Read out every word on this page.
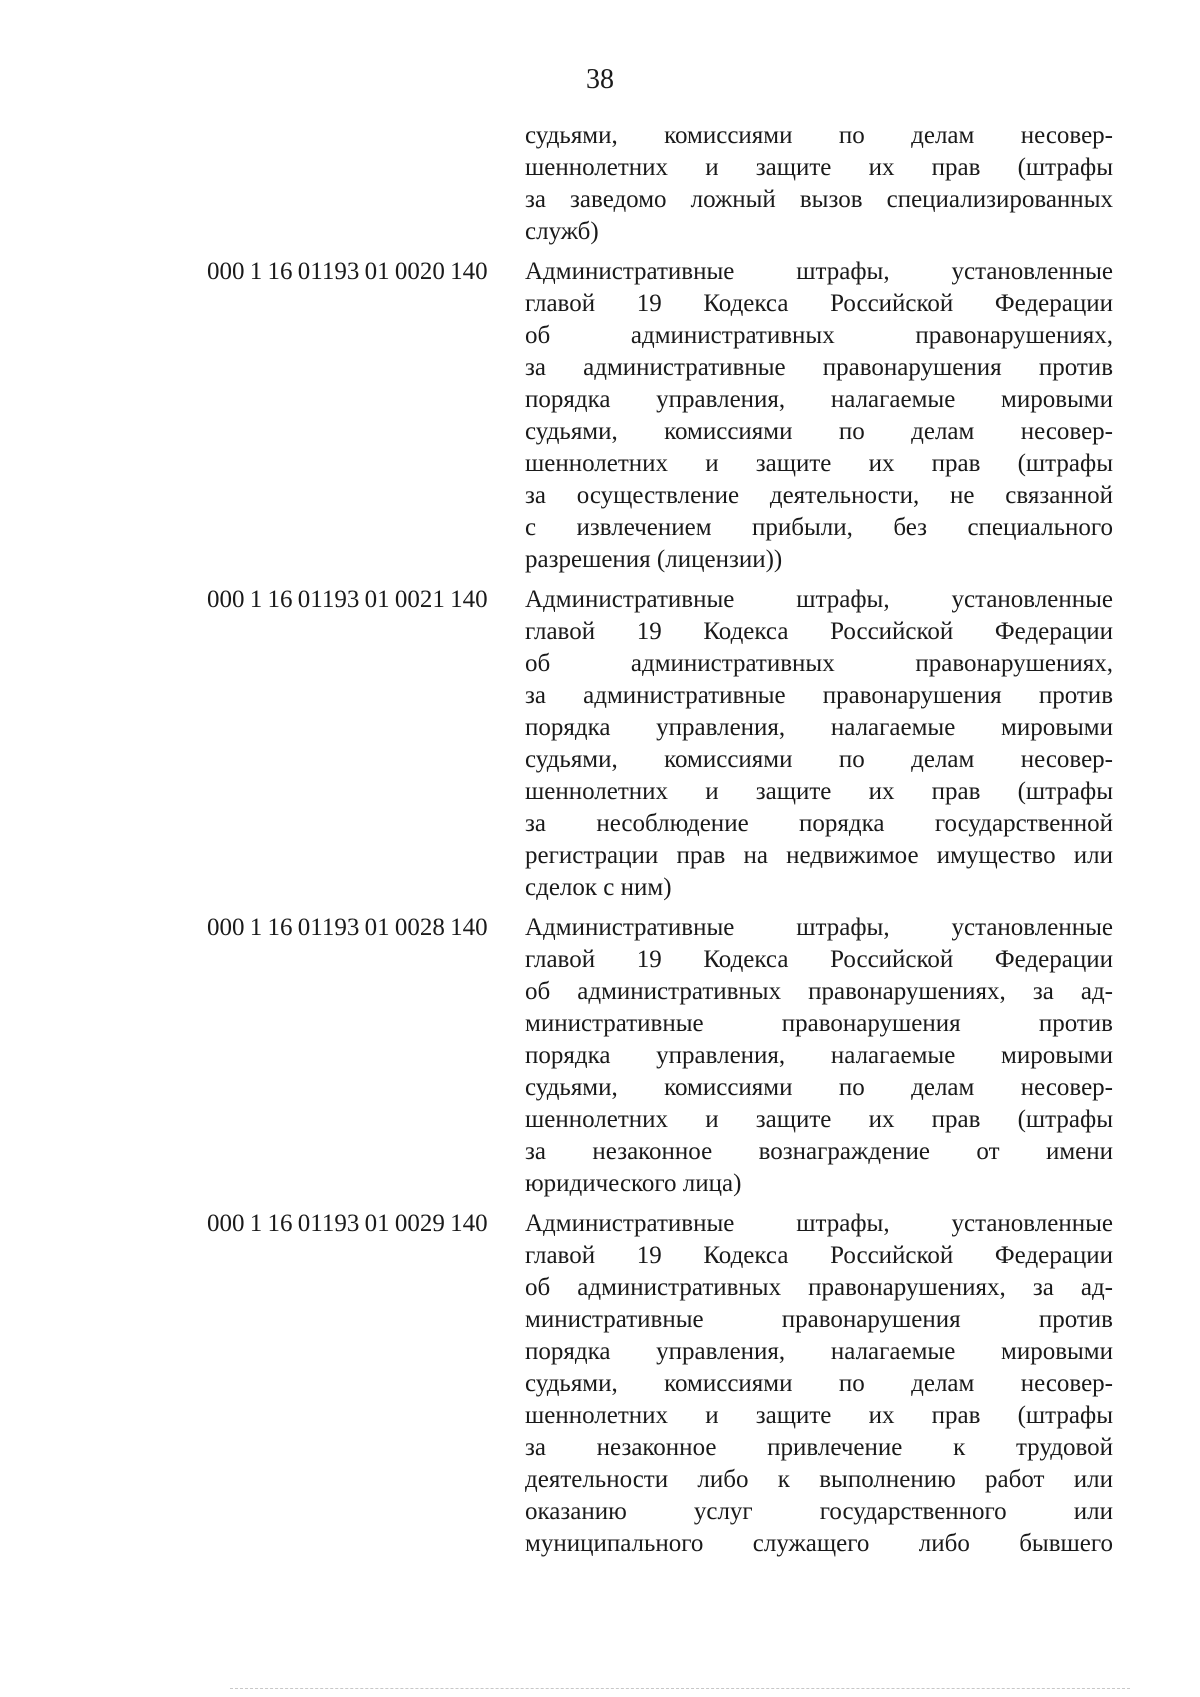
38
судьями, комиссиями по делам несовер-
шеннолетних и защите их прав (штрафы
за заведомо ложный вызов специализированных
служб)
000 1 16 01193 01 0020 140	Административные штрафы, установленные
главой 19 Кодекса Российской Федерации
об административных правонарушениях,
за административные правонарушения против
порядка управления, налагаемые мировыми
судьями, комиссиями по делам несовер-
шеннолетних и защите их прав (штрафы
за осуществление деятельности, не связанной
с извлечением прибыли, без специального
разрешения (лицензии))
000 1 16 01193 01 0021 140	Административные штрафы, установленные
главой 19 Кодекса Российской Федерации
об административных правонарушениях,
за административные правонарушения против
порядка управления, налагаемые мировыми
судьями, комиссиями по делам несовер-
шеннолетних и защите их прав (штрафы
за несоблюдение порядка государственной
регистрации прав на недвижимое имущество или
сделок с ним)
000 1 16 01193 01 0028 140	Административные штрафы, установленные
главой 19 Кодекса Российской Федерации
об административных правонарушениях, за ад-
министративные правонарушения против
порядка управления, налагаемые мировыми
судьями, комиссиями по делам несовер-
шеннолетних и защите их прав (штрафы
за незаконное вознаграждение от имени
юридического лица)
000 1 16 01193 01 0029 140	Административные штрафы, установленные
главой 19 Кодекса Российской Федерации
об административных правонарушениях, за ад-
министративные правонарушения против
порядка управления, налагаемые мировыми
судьями, комиссиями по делам несовер-
шеннолетних и защите их прав (штрафы
за незаконное привлечение к трудовой
деятельности либо к выполнению работ или
оказанию услуг государственного или
муниципального служащего либо бывшего
